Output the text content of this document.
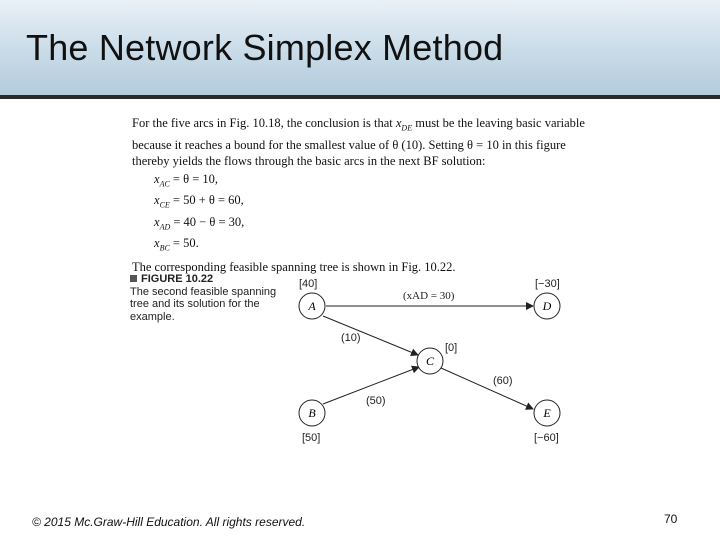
The Network Simplex Method

For the five arcs in Fig. 10.18, the conclusion is that $x_{DE}$ must be the leaving basic variable because it reaches a bound for the smallest value of θ (10). Setting θ = 10 in this figure thereby yields the flows through the basic arcs in the next BF solution:

$x_{AC} = \theta = 10$,
$x_{CE} = 50 + \theta = 60$,
$x_{AD} = 40 - \theta = 30$,
$x_{BC} = 50$.

The corresponding feasible spanning tree is shown in Fig. 10.22.

FIGURE 10.22
The second feasible spanning tree and its solution for the example.
A
B
C
D
E
[40]
[50]
[0]
[−30]
[−60]
(xAD = 30)
(10)
(50)
(60)
© 2015 Mc.Graw-Hill Education. All rights reserved.	70
